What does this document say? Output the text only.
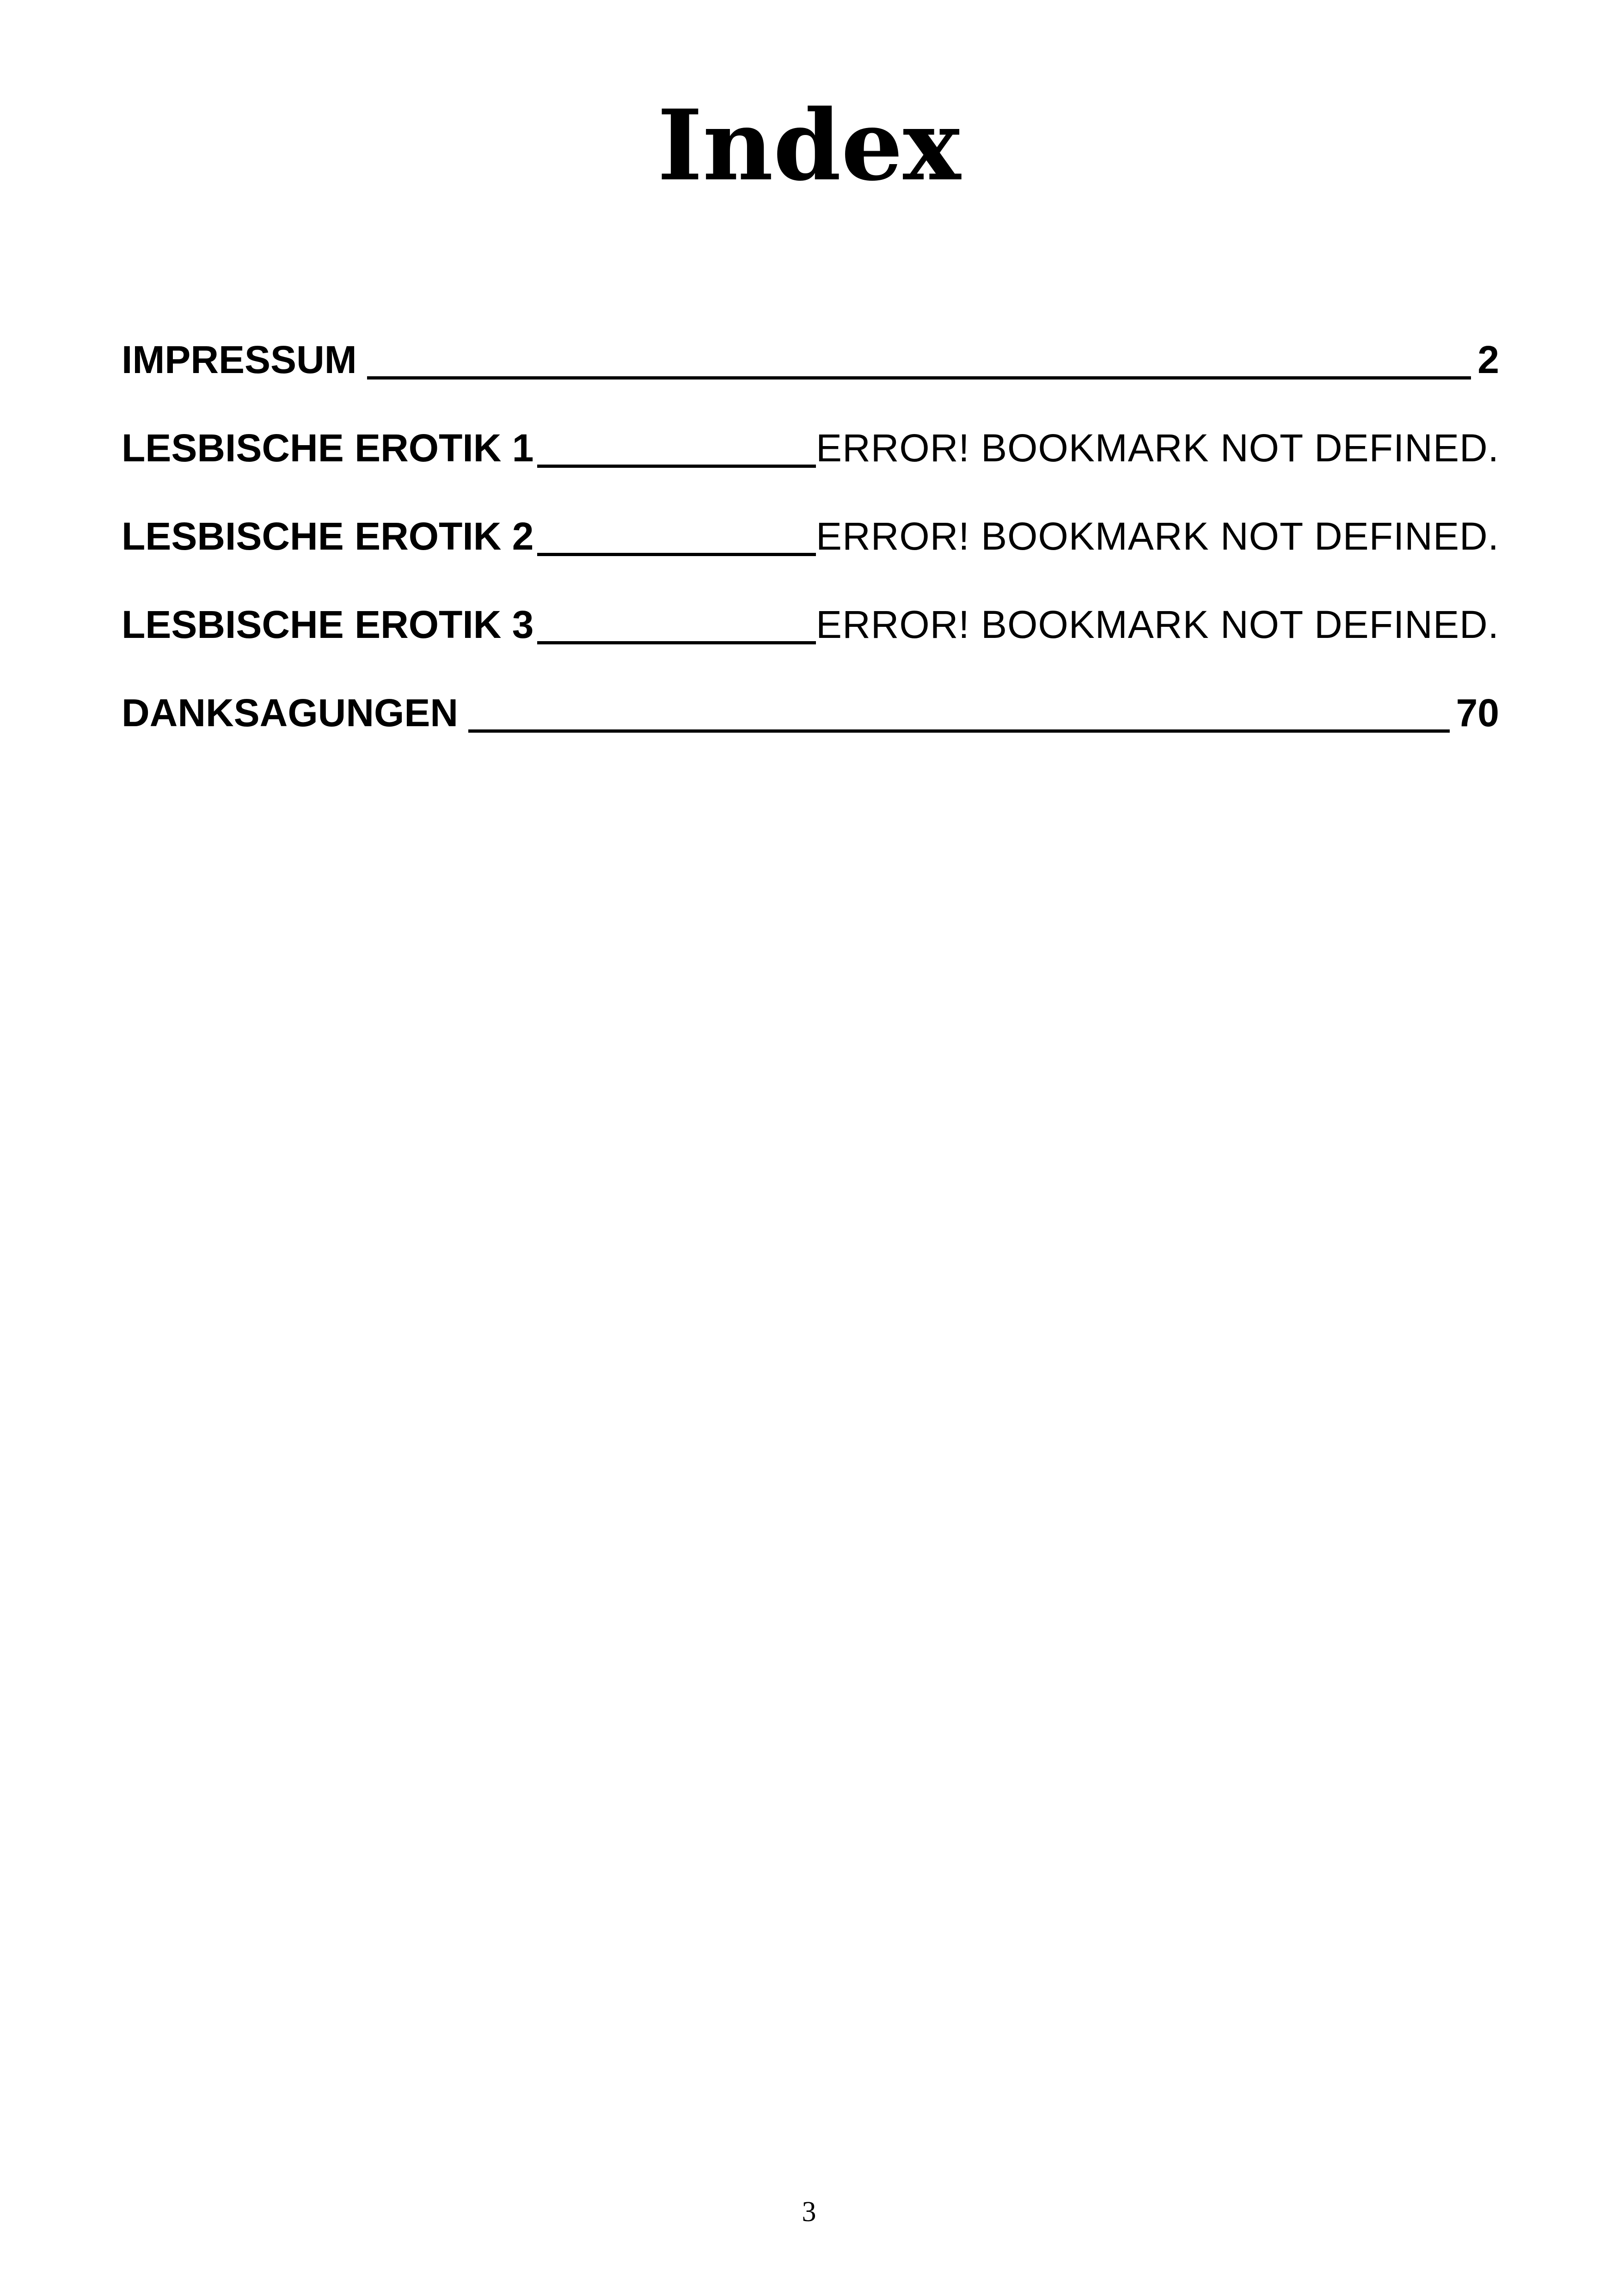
Index
IMPRESSUM	2
LESBISCHE EROTIK 1	ERROR! BOOKMARK NOT DEFINED.
LESBISCHE EROTIK 2	ERROR! BOOKMARK NOT DEFINED.
LESBISCHE EROTIK 3	ERROR! BOOKMARK NOT DEFINED.
DANKSAGUNGEN	70
3
